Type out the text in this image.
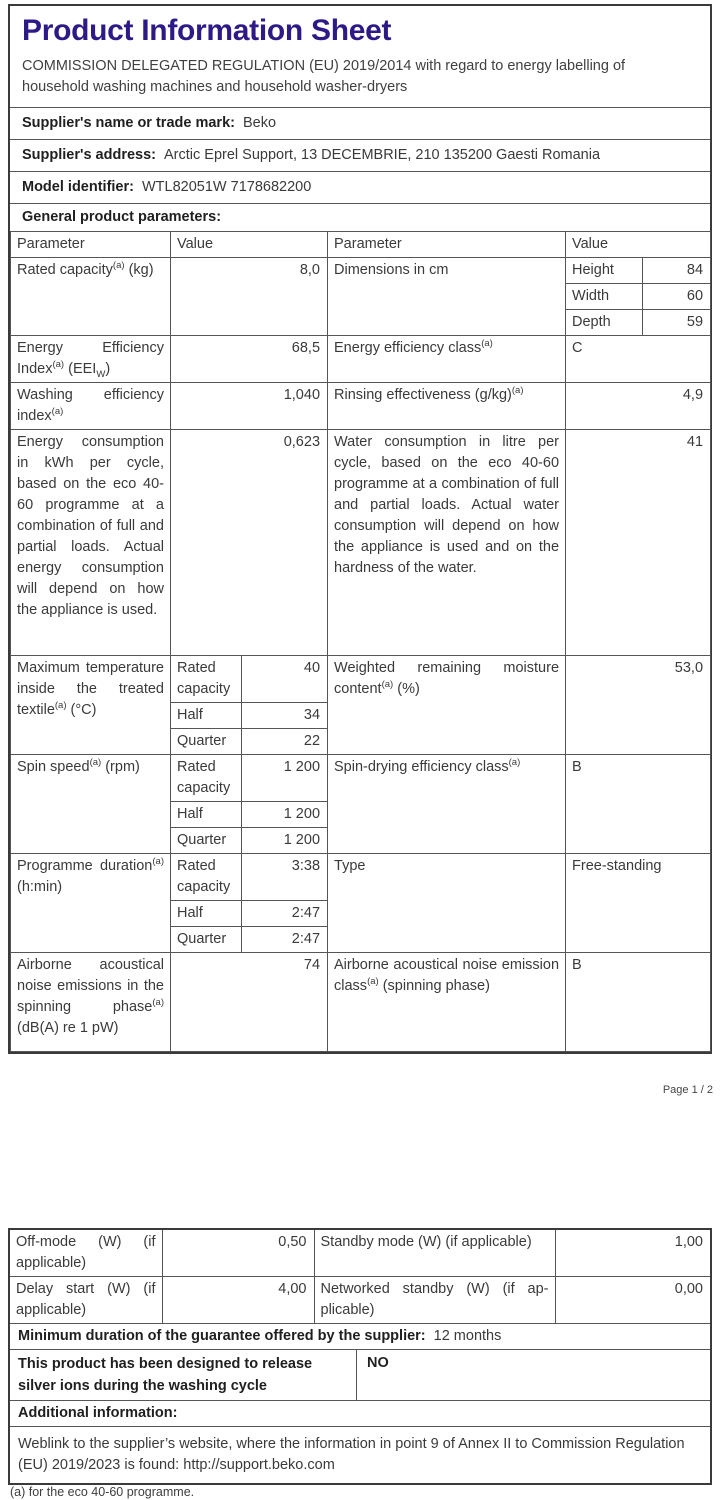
Product Information Sheet

COMMISSION DELEGATED REGULATION (EU) 2019/2014 with regard to energy labelling of household washing machines and household washer-dryers

Supplier's name or trade mark: Beko
Supplier's address: Arctic Eprel Support, 13 DECEMBRIE, 210 135200 Gaesti Romania
Model identifier: WTL82051W 7178682200
General product parameters:
Parameter	Value		Parameter	Value	
Rated capacity$^{(a)}$ (kg)	8,0		Dimensions in cm	Height	84
				Width	60
				Depth	59
Energy Efficiency Index$^{(a)}$ $(EEI_W)$	68,5		Energy efficiency class$^{(a)}$	C	
Washing efficiency index$^{(a)}$	1,040		Rinsing effectiveness $(g/kg)^{(a)}$	4,9	
Energy consumption in kWh per cycle, based on the eco 40-60 programme at a combination of full and partial loads. Actual energy consumption will depend on how the appliance is used.	0,623		Water consumption in litre per cycle, based on the eco 40-60 programme at a combination of full and partial loads. Actual water consumption will depend on how the appliance is used and on the hardness of the water.	41	
Maximum temperature inside the treated textile$^{(a)}$ (°C)	Rated capacity	40	Weighted remaining moisture content$^{(a)}$ (%)	53,0	
	Half	34			
	Quarter	22			
Spin speed$^{(a)}$ (rpm)	Rated capacity	1 200	Spin-drying efficiency class$^{(a)}$	B	
	Half	1 200			
	Quarter	1 200			
Programme duration$^{(a)}$ (h:min)	Rated capacity	3:38	Type	Free-standing	
	Half	2:47			
	Quarter	2:47			
Airborne acoustical noise emissions in the spinning phase$^{(a)}$ (dB(A) re 1 pW)	74		Airborne acoustical noise emission class$^{(a)}$ (spinning phase)	B	
Page 1 / 2
Off-mode (W) (if applicable)	0,50	Standby mode (W) (if applicable)	1,00
Delay start (W) (if applicable)	4,00	Networked standby (W) (if applicable)	0,00
Minimum duration of the guarantee offered by the supplier: 12 months
This product has been designed to release silver ions during the washing cycle
NO
Additional information:
Weblink to the supplier’s website, where the information in point 9 of Annex II to Commission Regulation (EU) 2019/2023 is found: http://support.beko.com
(a) for the eco 40-60 programme.
